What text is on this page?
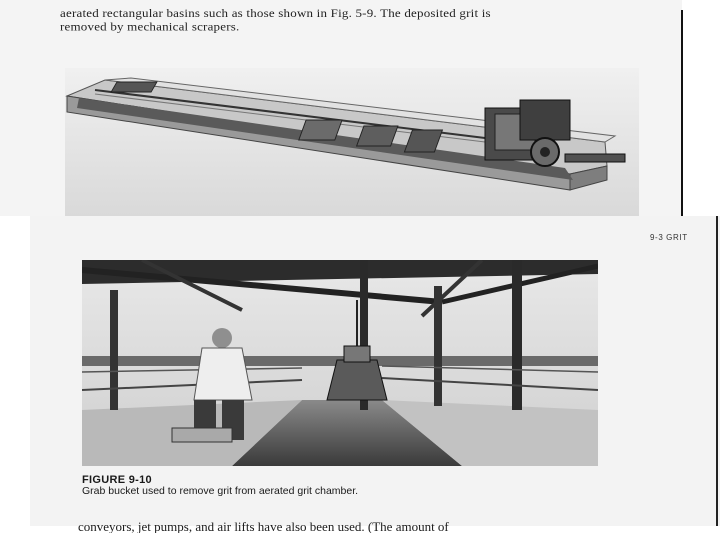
aerated rectangular basins such as those shown in Fig. 5-9. The deposited grit is
removed by mechanical scrapers.
9-3 GRIT
FIGURE 9-10
Grab bucket used to remove grit from aerated grit chamber.
conveyors, jet pumps, and air lifts have also been used. (The amount of
